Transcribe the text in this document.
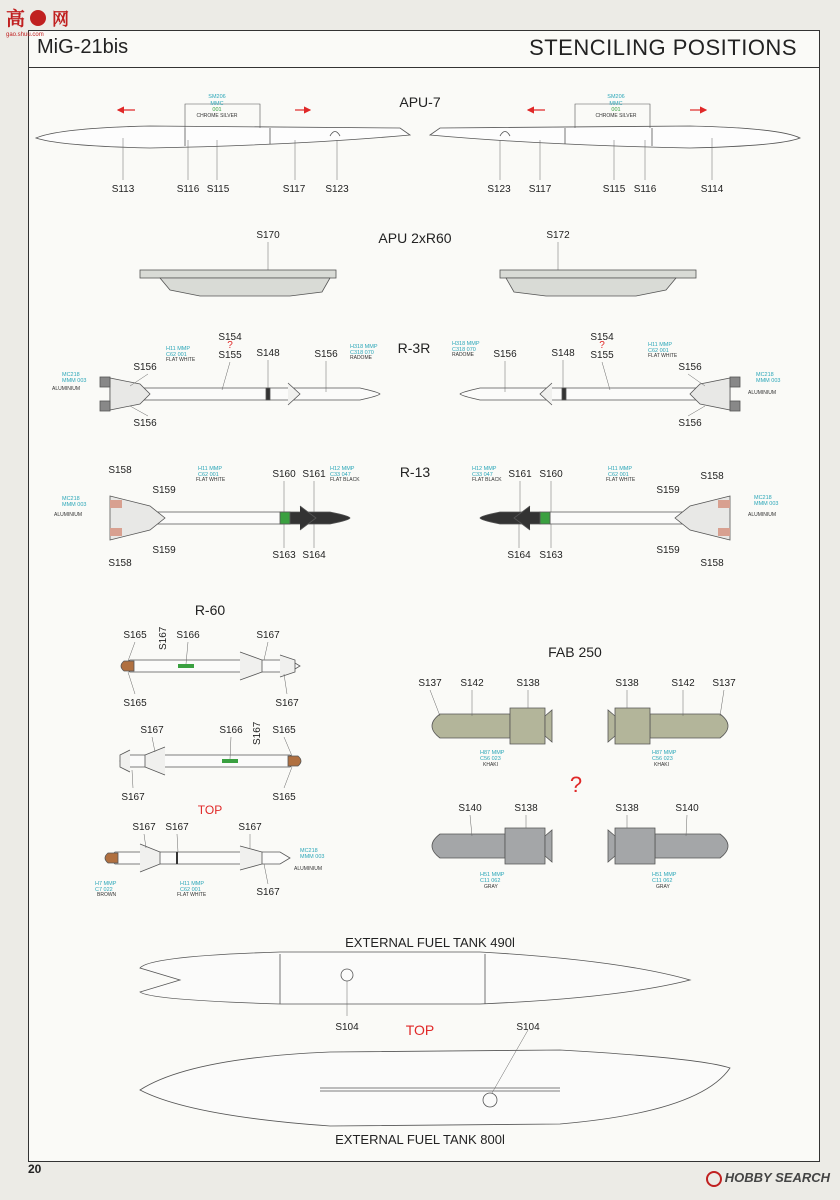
MiG-21bis	STENCILING POSITIONS
高 网
gao.shuu.com
APU-7
SM206
MMC
001
CHROME SILVER
S113	S116 S115	S117 S123
SM206
MMC
001
CHROME SILVER
S123 S117	S115 S116	S114
APU 2xR60
S170	S172
R-3R
S154
?
S155 S148
S156
S156
S156
H11 MMP
C62 001
FLAT WHITE
H318 MMP
C318 070
RADOME
MC218
MMM 003
ALUMINIUM
S154
?
S155
S148
S156
S156
S156
H318 MMP
C318 070
RADOME
H11 MMP
C62 001
FLAT WHITE
MC218
MMM 003
ALUMINIUM
R-13
S158
S159
S160 S161
S159	S163 S164
S158
H11 MMP
C62 001
FLAT WHITE
H12 MMP
C33 047
FLAT BLACK
MC218
MMM 003
ALUMINIUM
S161 S160	S158
S159
S164 S163	S159
S158
H12 MMP
C33 047
FLAT BLACK
H11 MMP
C62 001
FLAT WHITE
MC218
MMM 003
ALUMINIUM
R-60
S165	S166	S167
S165	S167
S167
S167	S166	S165
S167	S165
S167
TOP
S167 S167	S167
S167
H7 MMP
C7 022
BROWN
H11 MMP
C62 001
FLAT WHITE
MC218
MMM 003
ALUMINIUM
FAB 250
S137 S142	S138
H87 MMP
C56 023
KHAKI
S138	S142 S137
H87 MMP
C56 023
KHAKI
?
S140	S138
H51 MMP
C11 062
GRAY
S138	S140
H51 MMP
C11 062
GRAY
EXTERNAL FUEL TANK 490l
S104	TOP	S104
EXTERNAL FUEL TANK 800l
20
HOBBY SEARCH
